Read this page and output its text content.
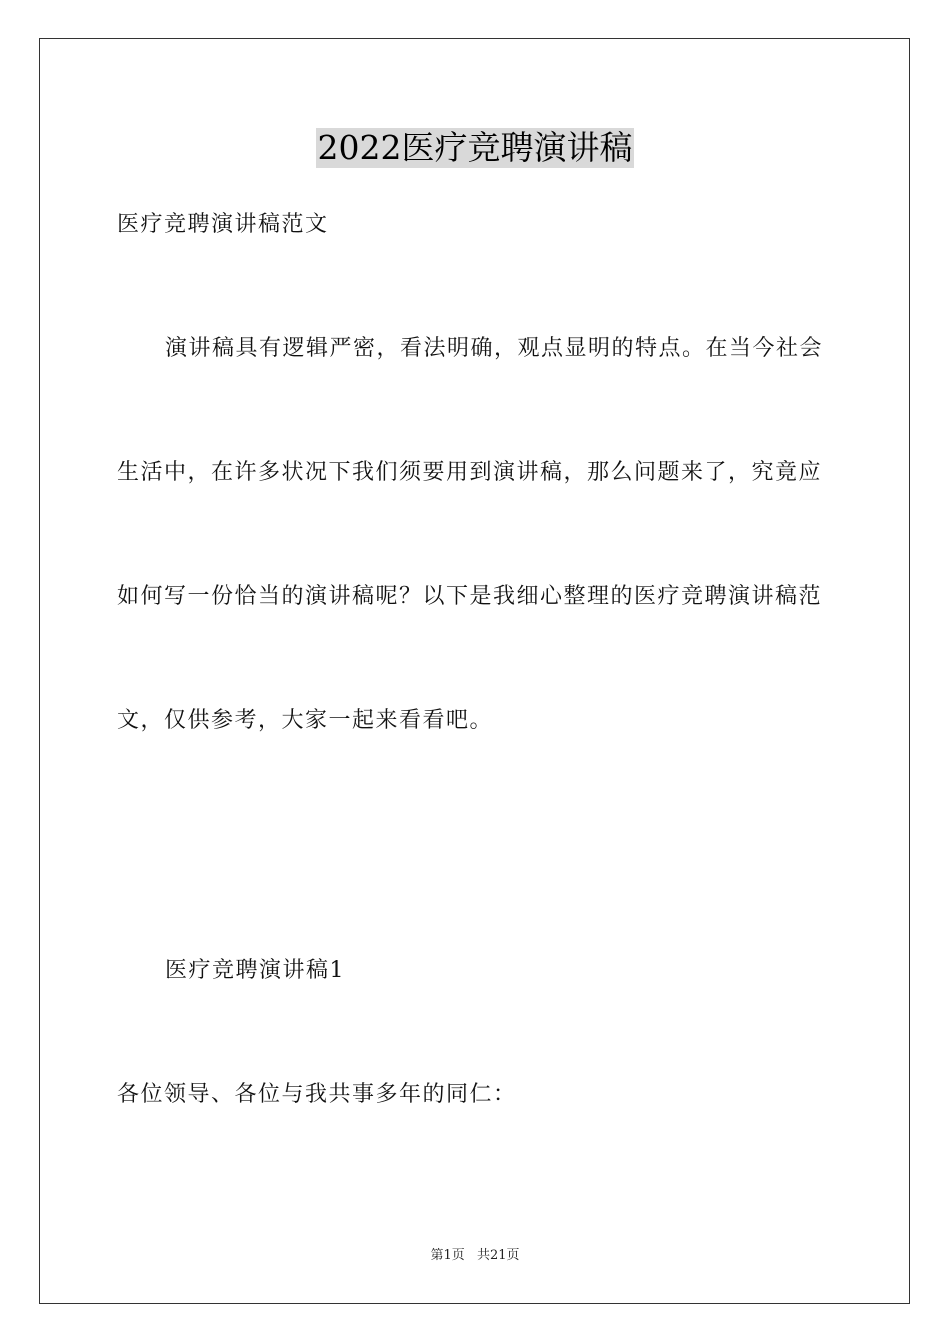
2022医疗竞聘演讲稿
医疗竞聘演讲稿范文
演讲稿具有逻辑严密，看法明确，观点显明的特点。在当今社会
生活中，在许多状况下我们须要用到演讲稿，那么问题来了，究竟应
如何写一份恰当的演讲稿呢？以下是我细心整理的医疗竞聘演讲稿范
文，仅供参考，大家一起来看看吧。
医疗竞聘演讲稿1
各位领导、各位与我共事多年的同仁：
第1页 共21页
